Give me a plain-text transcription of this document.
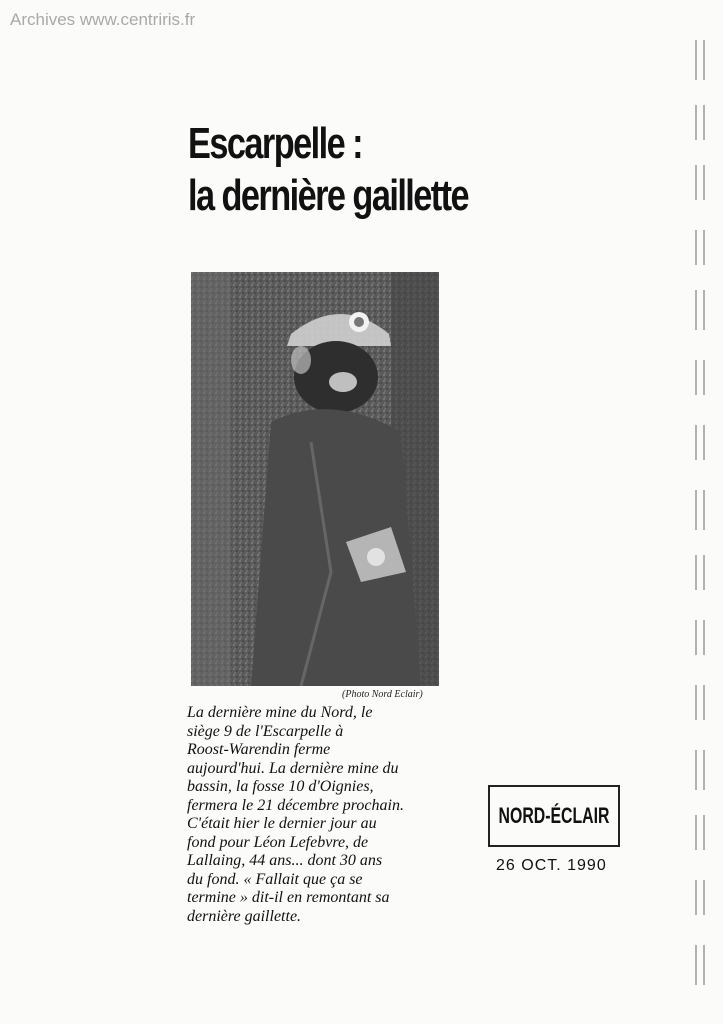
Archives www.centriris.fr
Escarpelle :
la dernière gaillette
(Photo Nord Eclair)
La dernière mine du Nord, le
siège 9 de l'Escarpelle à
Roost-Warendin ferme
aujourd'hui. La dernière mine du
bassin, la fosse 10 d'Oignies,
fermera le 21 décembre prochain.
C'était hier le dernier jour au
fond pour Léon Lefebvre, de
Lallaing, 44 ans... dont 30 ans
du fond. « Fallait que ça se
termine » dit-il en remontant sa
dernière gaillette.
NORD-ÉCLAIR
26 OCT. 1990
